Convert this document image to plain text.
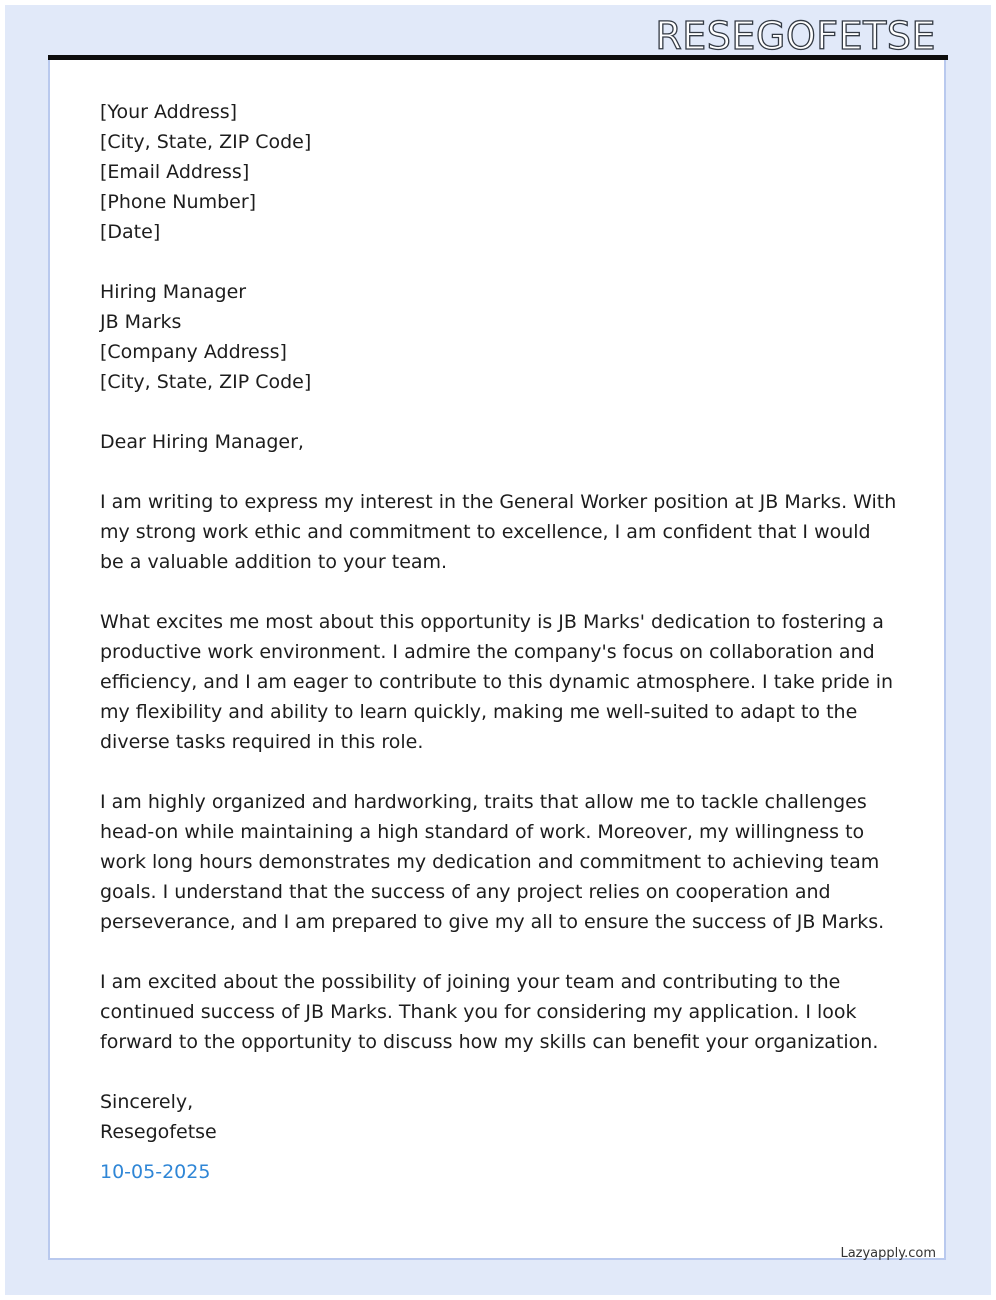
RESEGOFETSE

[Your Address]
[City, State, ZIP Code]
[Email Address]
[Phone Number]
[Date]

Hiring Manager
JB Marks
[Company Address]
[City, State, ZIP Code]

Dear Hiring Manager,

I am writing to express my interest in the General Worker position at JB Marks. With my strong work ethic and commitment to excellence, I am confident that I would be a valuable addition to your team.

What excites me most about this opportunity is JB Marks' dedication to fostering a productive work environment. I admire the company's focus on collaboration and efficiency, and I am eager to contribute to this dynamic atmosphere. I take pride in my flexibility and ability to learn quickly, making me well-suited to adapt to the diverse tasks required in this role.

I am highly organized and hardworking, traits that allow me to tackle challenges head-on while maintaining a high standard of work. Moreover, my willingness to work long hours demonstrates my dedication and commitment to achieving team goals. I understand that the success of any project relies on cooperation and perseverance, and I am prepared to give my all to ensure the success of JB Marks.

I am excited about the possibility of joining your team and contributing to the continued success of JB Marks. Thank you for considering my application. I look forward to the opportunity to discuss how my skills can benefit your organization.

Sincerely,
Resegofetse
10-05-2025
Lazyapply.com
